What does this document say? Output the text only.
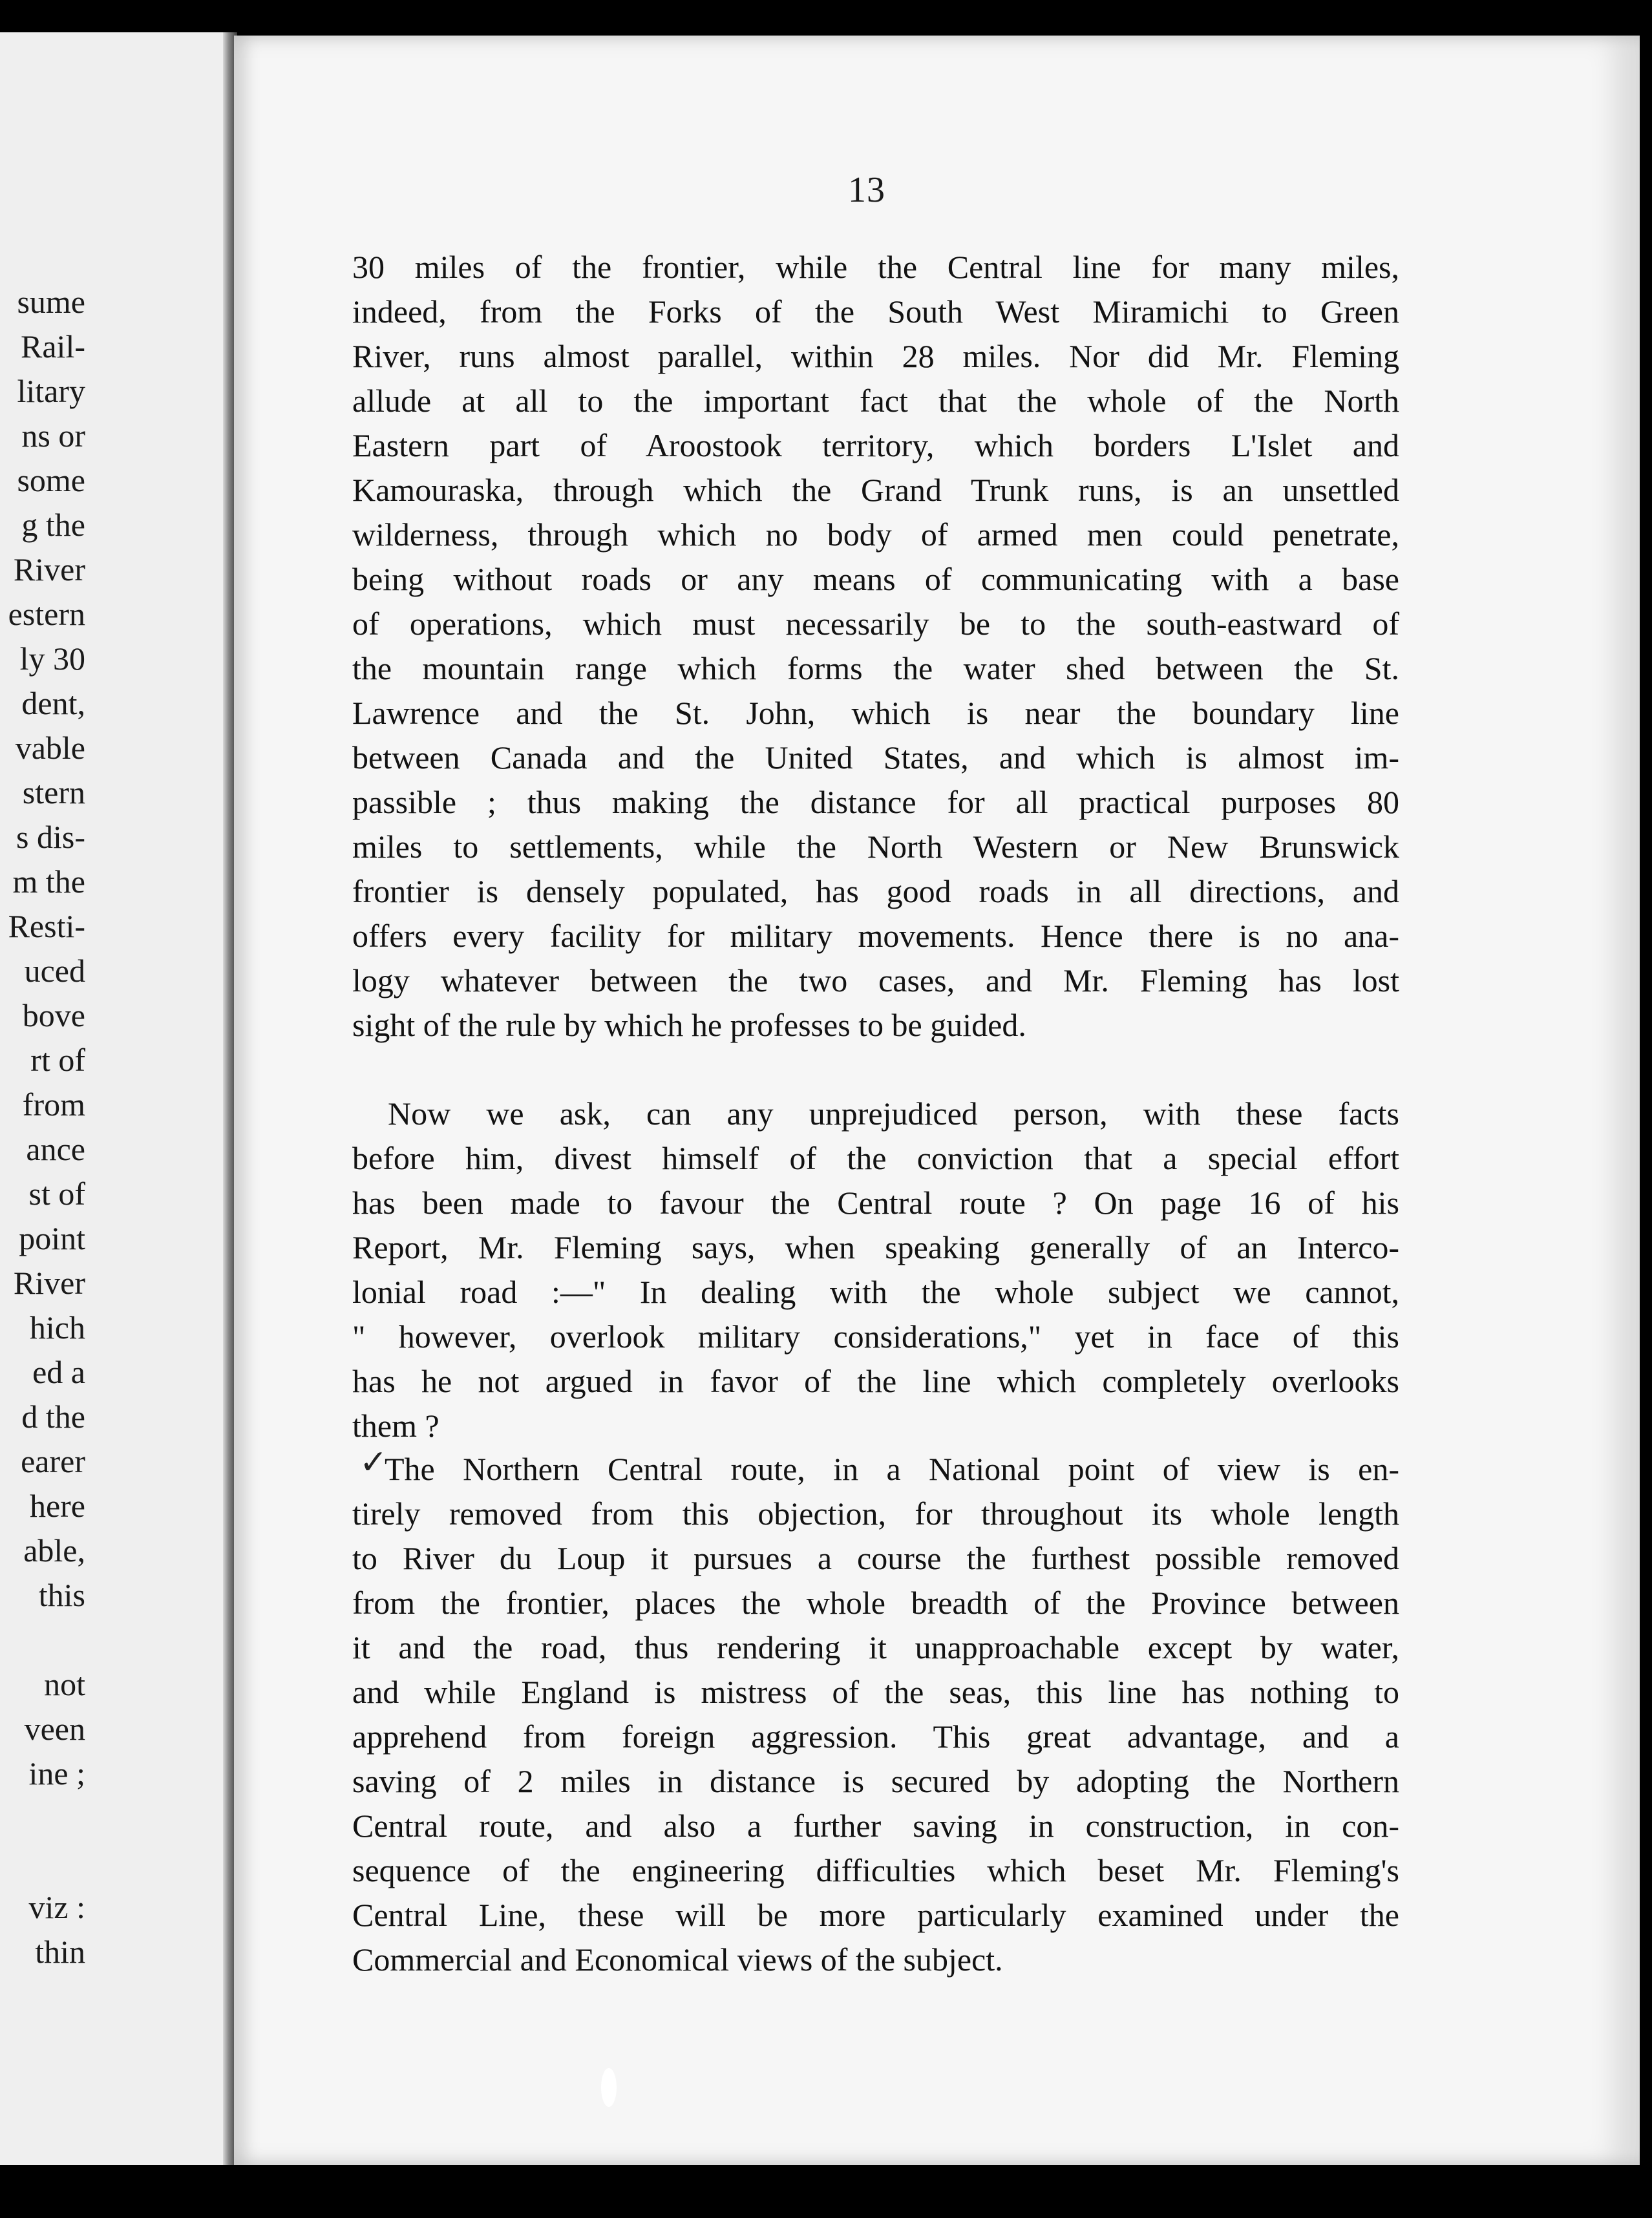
sume
Rail-
litary
ns or
some
g the
River
estern
ly 30
dent,
vable
stern
s dis-
m the
Resti-
uced
bove
rt of
from
ance
st of
point
River
hich
ed a
d the
earer
here
able,
this
not
veen
ine ;
viz :
thin
13
30 miles of the frontier, while the Central line for many miles,
indeed, from the Forks of the South West Miramichi to Green
River, runs almost parallel, within 28 miles. Nor did Mr. Fleming
allude at all to the important fact that the whole of the North
Eastern part of Aroostook territory, which borders L'Islet and
Kamouraska, through which the Grand Trunk runs, is an unsettled
wilderness, through which no body of armed men could penetrate,
being without roads or any means of communicating with a base
of operations, which must necessarily be to the south-eastward of
the mountain range which forms the water shed between the St.
Lawrence and the St. John, which is near the boundary line
between Canada and the United States, and which is almost im-
passible ; thus making the distance for all practical purposes 80
miles to settlements, while the North Western or New Brunswick
frontier is densely populated, has good roads in all directions, and
offers every facility for military movements. Hence there is no ana-
logy whatever between the two cases, and Mr. Fleming has lost
sight of the rule by which he professes to be guided.
Now we ask, can any unprejudiced person, with these facts
before him, divest himself of the conviction that a special effort
has been made to favour the Central route ? On page 16 of his
Report, Mr. Fleming says, when speaking generally of an Interco-
lonial road :—" In dealing with the whole subject we cannot,
" however, overlook military considerations," yet in face of this
has he not argued in favor of the line which completely overlooks
them ?
✓
The Northern Central route, in a National point of view is en-
tirely removed from this objection, for throughout its whole length
to River du Loup it pursues a course the furthest possible removed
from the frontier, places the whole breadth of the Province between
it and the road, thus rendering it unapproachable except by water,
and while England is mistress of the seas, this line has nothing to
apprehend from foreign aggression. This great advantage, and a
saving of 2 miles in distance is secured by adopting the Northern
Central route, and also a further saving in construction, in con-
sequence of the engineering difficulties which beset Mr. Fleming's
Central Line, these will be more particularly examined under the
Commercial and Economical views of the subject.
